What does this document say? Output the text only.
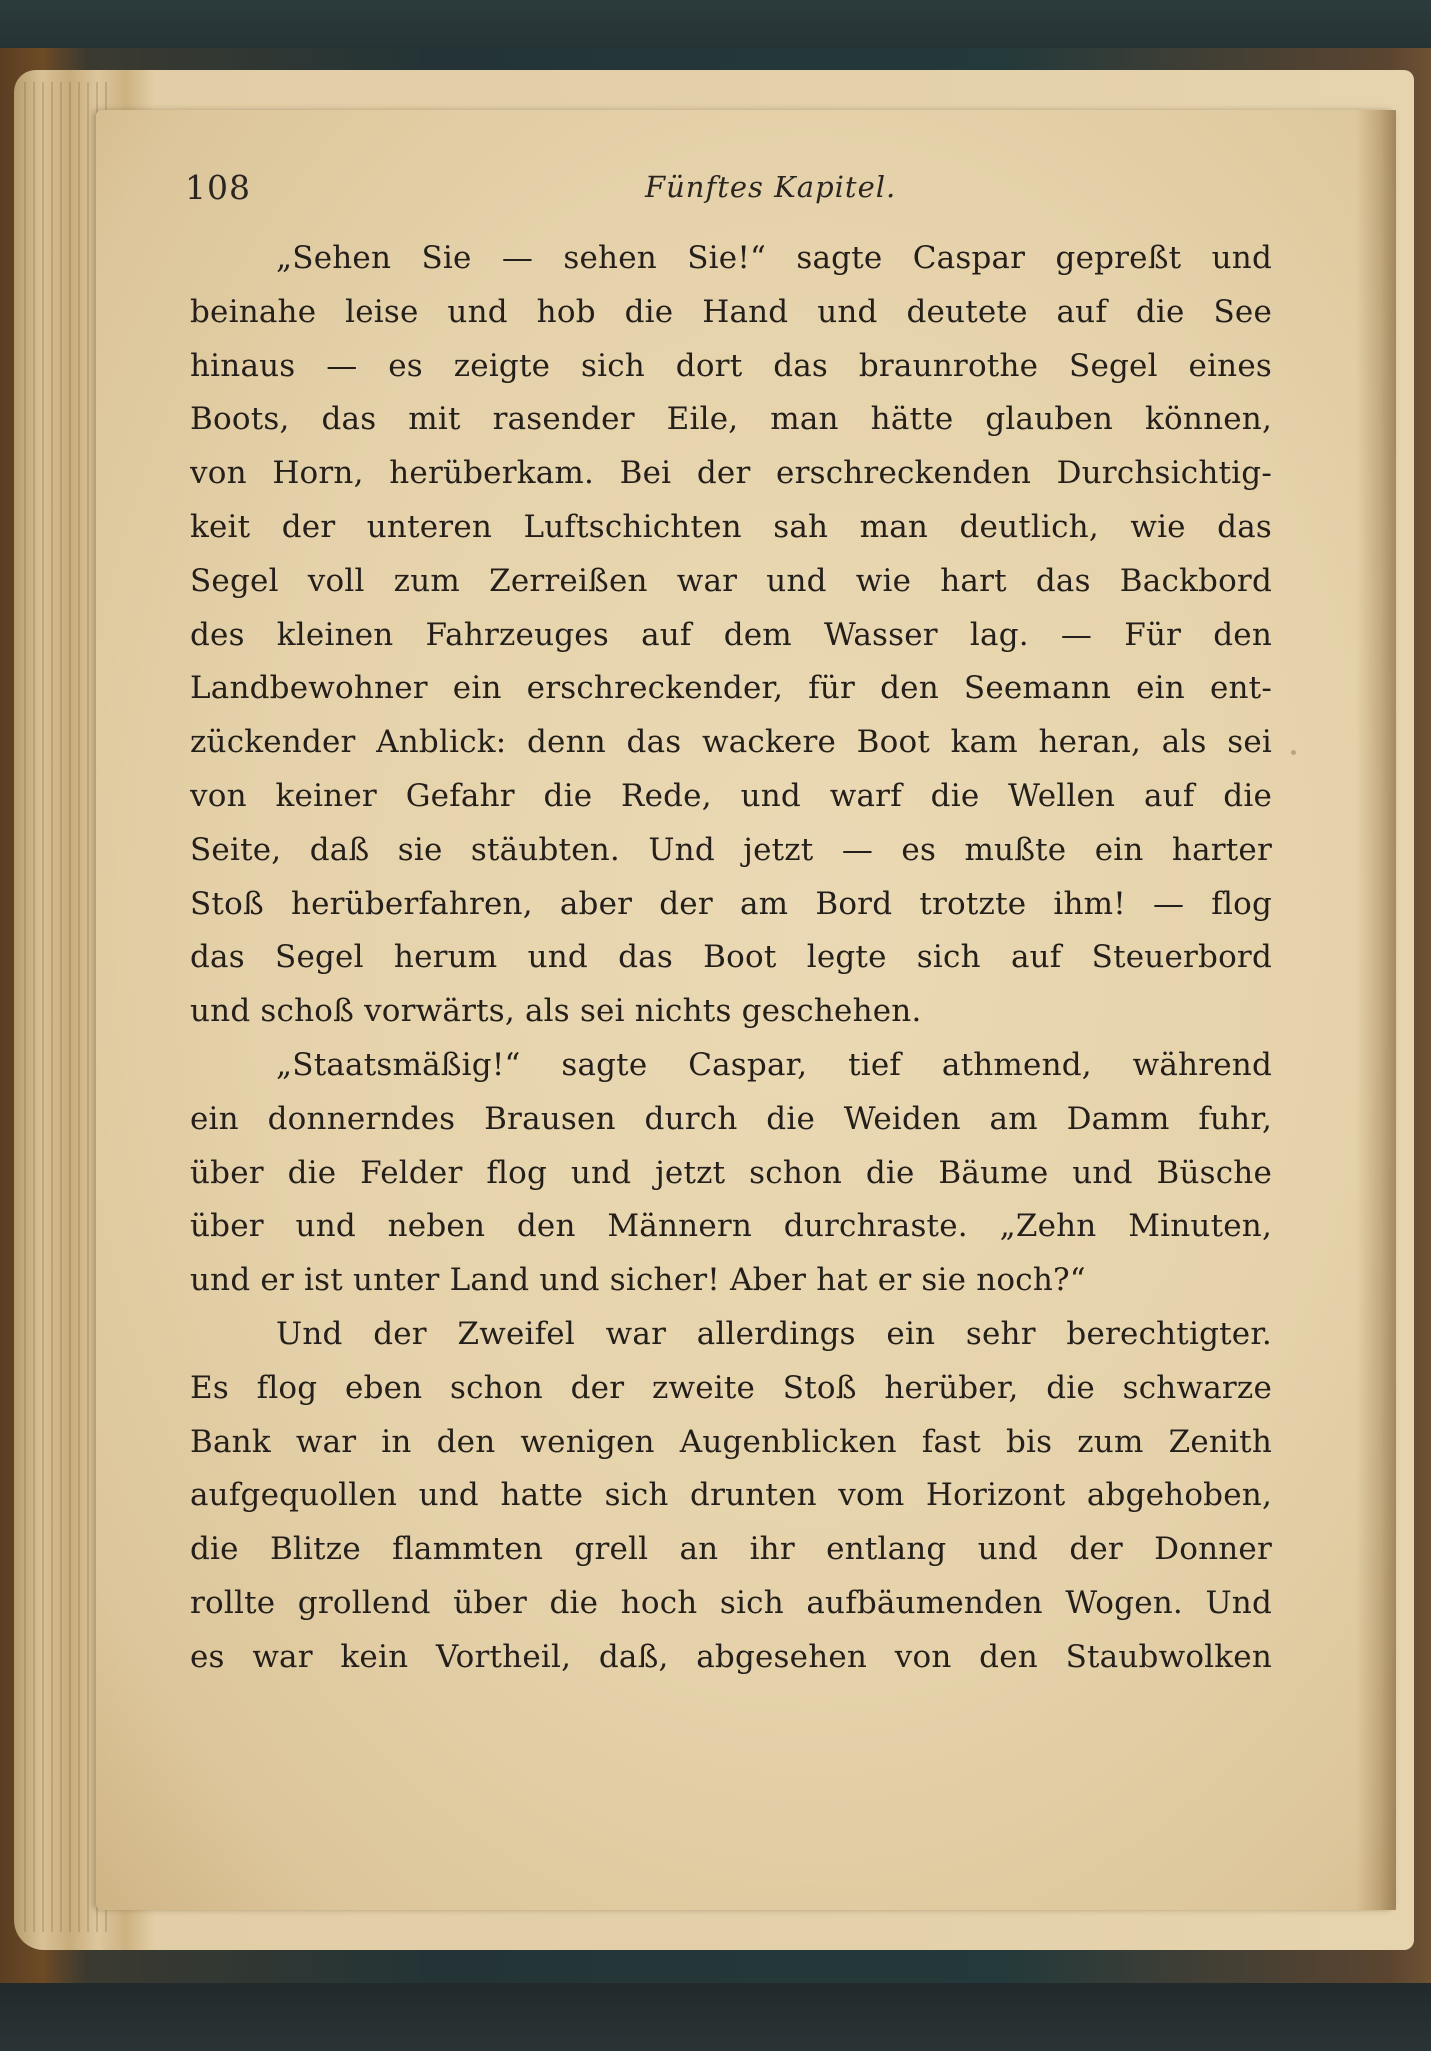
108	Fünftes Kapitel.
„Sehen Sie — sehen Sie!“ sagte Caspar gepreßt und
beinahe leise und hob die Hand und deutete auf die See
hinaus — es zeigte sich dort das braunrothe Segel eines
Boots, das mit rasender Eile, man hätte glauben können,
von Horn, herüberkam. Bei der erschreckenden Durchsichtig-
keit der unteren Luftschichten sah man deutlich, wie das
Segel voll zum Zerreißen war und wie hart das Backbord
des kleinen Fahrzeuges auf dem Wasser lag. — Für den
Landbewohner ein erschreckender, für den Seemann ein ent-
zückender Anblick: denn das wackere Boot kam heran, als sei
von keiner Gefahr die Rede, und warf die Wellen auf die
Seite, daß sie stäubten. Und jetzt — es mußte ein harter
Stoß herüberfahren, aber der am Bord trotzte ihm! — flog
das Segel herum und das Boot legte sich auf Steuerbord
und schoß vorwärts, als sei nichts geschehen.
„Staatsmäßig!“ sagte Caspar, tief athmend, während
ein donnerndes Brausen durch die Weiden am Damm fuhr,
über die Felder flog und jetzt schon die Bäume und Büsche
über und neben den Männern durchraste. „Zehn Minuten,
und er ist unter Land und sicher! Aber hat er sie noch?“
Und der Zweifel war allerdings ein sehr berechtigter.
Es flog eben schon der zweite Stoß herüber, die schwarze
Bank war in den wenigen Augenblicken fast bis zum Zenith
aufgequollen und hatte sich drunten vom Horizont abgehoben,
die Blitze flammten grell an ihr entlang und der Donner
rollte grollend über die hoch sich aufbäumenden Wogen. Und
es war kein Vortheil, daß, abgesehen von den Staubwolken
